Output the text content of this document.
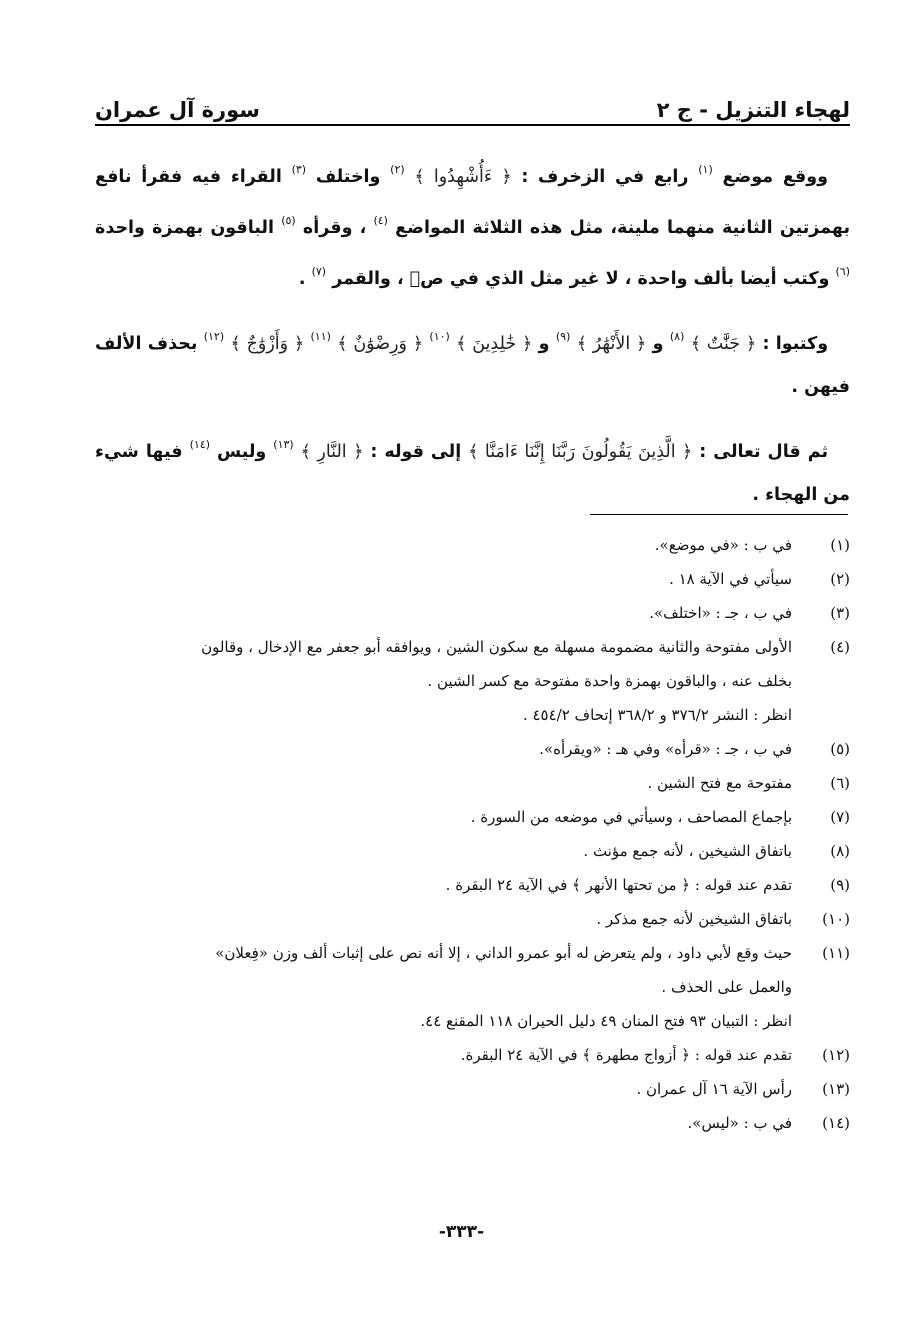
سورة آل عمران	لهجاء التنزيل - ج ٢

ووقع موضع $^{(١)}$ رابع في الزخرف : ﴿ ءَأُشْهِدُوا ﴾ $^{(٢)}$ واختلف $^{(٣)}$ القراء فيه فقرأ نافع بهمزتين الثانية منهما ملينة، مثل هذه الثلاثة المواضع $^{(٤)}$ ، وقرأه $^{(٥)}$ الباقون بهمزة واحدة $^{(٦)}$ وكتب أيضا بألف واحدة ، لا غير مثل الذي في صۤ ، والقمر $^{(٧)}$ .

وكتبوا : ﴿ جَنَّٰتٌ ﴾ $^{(٨)}$ و ﴿ الأَنْهَٰرُ ﴾ $^{(٩)}$ و ﴿ خَٰلِدِينَ ﴾ $^{(١٠)}$ ﴿ وَرِضْوَٰنٌ ﴾ $^{(١١)}$ ﴿ وَأَزْوَٰجٌ ﴾ $^{(١٢)}$ بحذف الألف فيهن .

ثم قال تعالى : ﴿ الَّذِينَ يَقُولُونَ رَبَّنَا إِنَّنَا ءَامَنَّا ﴾ إلى قوله : ﴿ النَّارِ ﴾ $^{(١٣)}$ وليس $^{(١٤)}$ فيها شيء من الهجاء .

(١)
في ب : «في موضع».
(٢)
سيأتي في الآية ١٨ .
(٣)
في ب ، جـ : «اختلف».
(٤)
الأولى مفتوحة والثانية مضمومة مسهلة مع سكون الشين ، ويوافقه أبو جعفر مع الإدخال ، وقالون
بخلف عنه ، والباقون بهمزة واحدة مفتوحة مع كسر الشين .
انظر : النشر ٣٧٦/٢ و ٣٦٨/٢ إتحاف ٤٥٤/٢ .
(٥)
في ب ، جـ : «قرأه» وفي هـ : «ويقرأه».
(٦)
مفتوحة مع فتح الشين .
(٧)
بإجماع المصاحف ، وسيأتي في موضعه من السورة .
(٨)
باتفاق الشيخين ، لأنه جمع مؤنث .
(٩)
تقدم عند قوله : ﴿ من تحتها الأنهر ﴾ في الآية ٢٤ البقرة .
(١٠)
باتفاق الشيخين لأنه جمع مذكر .
(١١)
حيث وقع لأبي داود ، ولم يتعرض له أبو عمرو الداني ، إلا أنه نص على إثبات ألف وزن «فِعلان»
والعمل على الحذف .
انظر : التبيان ٩٣ فتح المنان ٤٩ دليل الحيران ١١٨ المقنع ٤٤.
(١٢)
تقدم عند قوله : ﴿ أزواج مطهرة ﴾ في الآية ٢٤ البقرة.
(١٣)
رأس الآية ١٦ آل عمران .
(١٤)
في ب : «ليس».
-٣٣٣-
